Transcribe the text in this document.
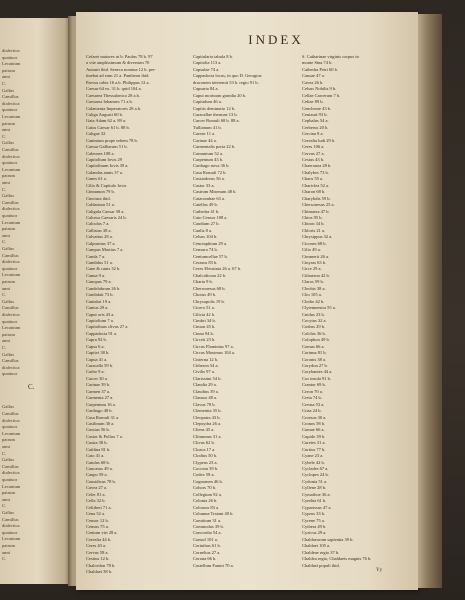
C.
dialectica
quattuor
Lecanium
patrum
anni
C.
Gallus
Camillus
dialectica
quattuor
Lecanium
patrum
anni
C.
Gallus
Camillus
dialectica
quattuor
Lecanium
patrum
anni
C.
Gallus
Camillus
dialectica
quattuor
Lecanium
patrum
anni
C.
Gallus
Camillus
dialectica
quattuor
Lecanium
patrum
anni
C.
Gallus
Camillus
dialectica
quattuor
Lecanium
patrum
anni
C.
Gallus
Camillus
dialectica
quattuor
Gallus
Camillus
dialectica
quattuor
Lecanium
patrum
anni
C.
Gallus
Camillus
dialectica
quattuor
Lecanium
patrum
anni
C.
Gallus
Camillus
dialectica
quattuor
Lecanium
patrum
anni
C.
INDEX
Cefarei maiores ut b. Paulus 78 b. 97
a vite amplissimum & diversum 70
Antonii ibid. Seneca nomina 12 b. per-
tinebat ad eum 21 a. Pantheon ibid.
Parvus orbis 16 a.b. Philippus 12 a.
Caesar 64 ex. 31.b. quid 104 a.
Caesarea Thessalonica 28 a.b.
Caesarea Iohannes 71 a.b.
Calamenta Imperatores 28 a.b.
Caliga Augusti 60 b.
Gaia Adam 62 a. 89 a.
Caius Caesar 61 b. 88 b.
Caligae 32
Caninium prope urbem 78 b.
Caesar Galliarum 51 b.
Caleones 108 a.
Capitolium Iovis 29
Capitolinum Iovis 39 a.
Calandas annis 37 a.
Canes 61 a.
Cilix & Capitulo Iovis
Cinnamon 79 b.
Cinctura ibid.
Caldarium 51 a.
Caligula Caesar 58 a.
Calceus Caesaris 24 b.
Calculus 7 a.
Callistus 38 a.
Calvatius 28 a.
Calpurnius 37 a.
Campus Martius 7 a.
Canda 7 a.
Candidus 51 a.
Cane & canis 32 b.
Canna 9 a.
Canopus 79 a.
Candelabrum 26 b.
Candidati 73 b.
Cantabri 19 a.
Cantus 29 a.
Caput oris 43 a.
Capitolium 7 a.
Capitolinus clivus 27 a.
Cappadocia 91 a.
Capra 92 b.
Capsa 6 a.
Captivi 38 b.
Capua 41 a.
Caracalla 59 b.
Carbo 9 a.
Carcer 30 a.
Carinae 39 b.
Carmen 37 a.
Carmenta 27 a.
Carpentum 16 a.
Carthago 48 b.
Casa Romuli 31 a.
Casilinum 30 a.
Cassius 56 b.
Castor & Pollux 7 a.
Castra 38 b.
Catilina 81 b.
Cato 41 a.
Catulus 68 b.
Caucasus 49 a.
Caupo 59 a.
Causidicus 78 b.
Cavea 27 a.
Celer 81 a.
Cella 32 b.
Celtiberi 71 a.
Cena 52 a.
Censor 12 b.
Census 75 a.
Centum viri 28 a.
Cerealia 44 b.
Ceres 43 a.
Cervus 58 a.
Cestius 12 b.
Chalcedon 78 b.
Chaldaei 38 b.
Capitularia tabula 8 b.
Capitolia 113 a.
Capsulae 74 a.
Cappadocia locus, in quo D. Georgius
draconem interemit 53 b. regio 91 b.
Capsaria 84 a.
Caput mortuum grandia 20 b.
Capitulum 46 a.
Capitis deminutio 12 b.
Caracallae thermae 13 b.
Carcer Romuli 68 b. 88 a.
Tullianum 41 b.
Careae 11 a.
Carinae 44 a.
Carmentalis porta 22 b.
Carnuntum 52 a.
Carpentum 43 b.
Carthago nova 36 b.
Casa Romuli 72 b.
Cassiodorus 56 a.
Castor 33 a.
Castrum Misenum 48 b.
Catacumbae 63 a.
Catellus 49 b.
Cathedra 41 b.
Cato Censor 108 a.
Caudium 27 b.
Caulis 8 a.
Celsus 104 b.
Cenotaphium 29 a.
Censura 74 b.
Centumcellae 57 b.
Cerasus 83 b.
Ceres Eleusinia 26 a. 67 b.
Chalcidicum 22 b.
Charta 9 b.
Cherronesus 68 b.
Chorus 49 b.
Chrysopolis 19 b.
Cicero 51 a.
Cilicia 42 b.
Cimbri 34 b.
Cimon 45 b.
Cinna 94 b.
Circeii 23 b.
Circus Flaminius 97 a.
Circus Maximus 104 a.
Cisterna 12 b.
Citheron 54 a.
Civilis 97 a.
Clarissimi 54 b.
Claudia 29 a.
Claudius 39 a.
Clausus 48 a.
Clavus 78 b.
Clementia 35 b.
Cleopatra 43 b.
Clepsydra 26 a.
Cliens 45 a.
Clitumnus 31 a.
Clivus 62 b.
Cloaca 17 a.
Clodius 50 b.
Clypeus 23 a.
Coccum 39 b.
Codex 58 a.
Cognomen 46 b.
Cohors 70 b.
Collegium 92 a.
Colonia 26 b.
Colossus 83 a.
Columna Traiani 40 b.
Comitium 31 a.
Commodus 39 b.
Concordia 54 a.
Consul 101 a.
Corinthus 61 b.
Cornelius 27 a.
Corona 66 b.
Castellum Fannii 70 a.
S. Catharinae virginis corpus in
monte Sina 74 b.
Cathedra Petri 60 b.
Causae 47 a.
Cavea 26 b.
Celsus Nobilis 9 b.
Cellae Carcerum 7 b.
Celtae 89 b.
Cenchreae 43 b.
Centauri 93 b.
Cephalus 54 a.
Cerberus 20 b.
Cercina 8 a.
Cerealia ludi 29 b.
Ceres 106 a.
Cervus 27 a.
Cestus 43 b.
Chaeronea 28 b.
Chalybes 73 b.
Chaos 55 a.
Chariclea 52 a.
Charon 68 b.
Charybdis 59 b.
Chersonesus 25 a.
Chimaera 47 b.
Chios 95 b.
Chiron 34 b.
Chloris 21 a.
Chrysippus 32 a.
Cicones 68 b.
Cilix 49 a.
Cimmerii 26 a.
Cinyras 63 b.
Circe 29 a.
Cithaeron 42 b.
Claros 59 b.
Cleobis 38 a.
Clio 105 a.
Clotho 42 b.
Clytemnestra 55 a.
Cnidus 23 b.
Cocytus 32 a.
Codrus 29 b.
Colchis 36 b.
Colophon 49 b.
Comus 66 a.
Corinna 81 b.
Coronis 38 a.
Corydon 27 b.
Corybantes 44 a.
Cos insula 91 b.
Crantor 69 b.
Creon 70 a.
Creta 74 b.
Creusa 53 a.
Crisa 24 b.
Croesus 30 a.
Cronos 58 b.
Cumae 66 a.
Cupido 39 b.
Curetes 31 a.
Curtius 77 b.
Cyane 23 a.
Cybele 42 b.
Cyclades 67 a.
Cyclopes 24 b.
Cydonia 51 a.
Cyllene 28 b.
Cymothoe 36 a.
Cynthia 61 b.
Cyparissus 47 a.
Cyprus 33 b.
Cyrene 75 a.
Cythera 49 b.
Cyzicus 29 a.
Chaldaeorum sapientia 39 b.
Chaldaei 105 a.
Chaldeae regio 37 b.
Chaldea regio, Chaldaeis magnis 76 b.
Chaldaei populi ibid.
Yy
